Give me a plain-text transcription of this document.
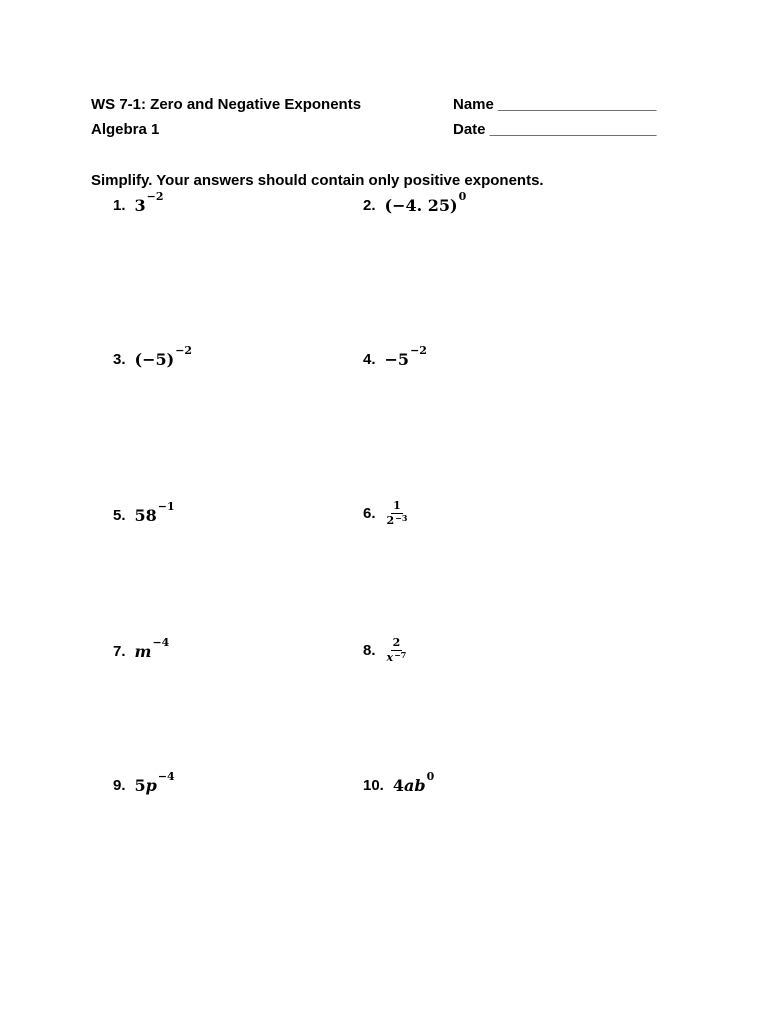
WS 7-1: Zero and Negative Exponents
Algebra 1
Name ___________________
Date ____________________
Simplify. Your answers should contain only positive exponents.
1. 3 −2
2. (−4. 25) 0
3. (−5) −2
4. −5 −2
5. 58 −1	6. $\frac{1}{2 -3}$
7. m −4	8. $\frac{2}{x -7}$
9. 5 p −4
10. 4 ab 0
